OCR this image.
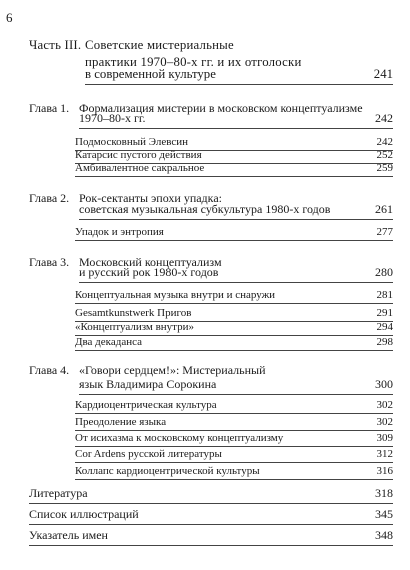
6
Часть III. Советские мистериальные
практики 1970–80-х гг. и их отголоски
в современной культуре	241
Глава 1. Формализация мистерии в московском концептуализме
1970–80-х гг.	242
Подмосковный Элевсин	242
Катарсис пустого действия	252
Амбивалентное сакральное	259
Глава 2. Рок-сектанты эпохи упадка:
советская музыкальная субкультура 1980-х годов	261
Упадок и энтропия	277
Глава 3. Московский концептуализм
и русский рок 1980-х годов	280
Концептуальная музыка внутри и снаружи	281
Gesamtkunstwerk Пригов	291
«Концептуализм внутри»	294
Два декаданса	298
Глава 4. «Говори сердцем!»: Мистериальный
язык Владимира Сорокина	300
Кардиоцентрическая культура	302
Преодоление языка	302
От исихазма к московскому концептуализму	309
Cor Ardens русской литературы	312
Коллапс кардиоцентрической культуры	316
Литература	318
Список иллюстраций	345
Указатель имен	348
